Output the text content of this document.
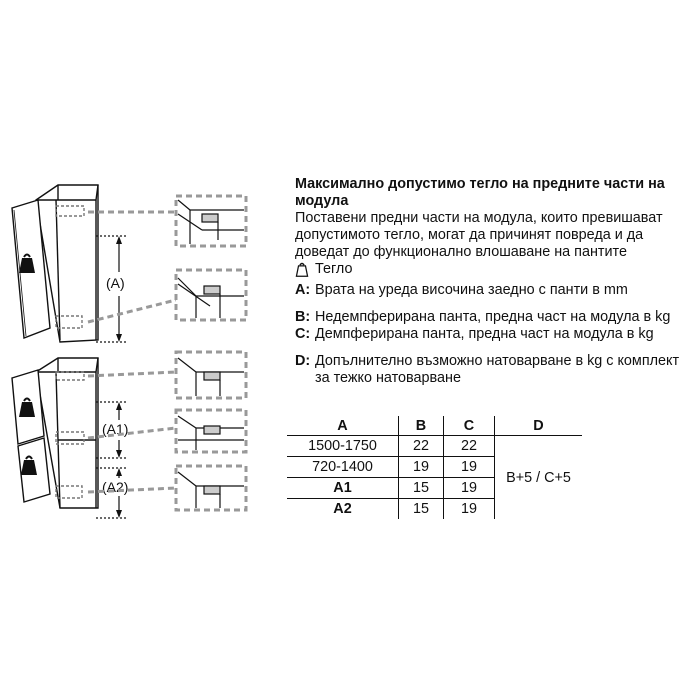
(A)
(A1)
(A2)

Максимално допустимо тегло на предните части на модула

Поставени предни части на модула, които превишават допустимото тегло, могат да причинят повреда и да доведат до функционално влошаване на пантите

Тегло
A: Врата на уреда височина заедно с панти в mm
B: Недемпферирана панта, предна част на модула в kg
C: Демпферирана панта, предна част на модула в kg
D: Допълнително възможно натоварване в kg с комплект за тежко натоварване
A	B	C	D
1500-1750	22	22	B+5 / C+5
720-1400	19	19	
A1	15	19	
A2	15	19	
